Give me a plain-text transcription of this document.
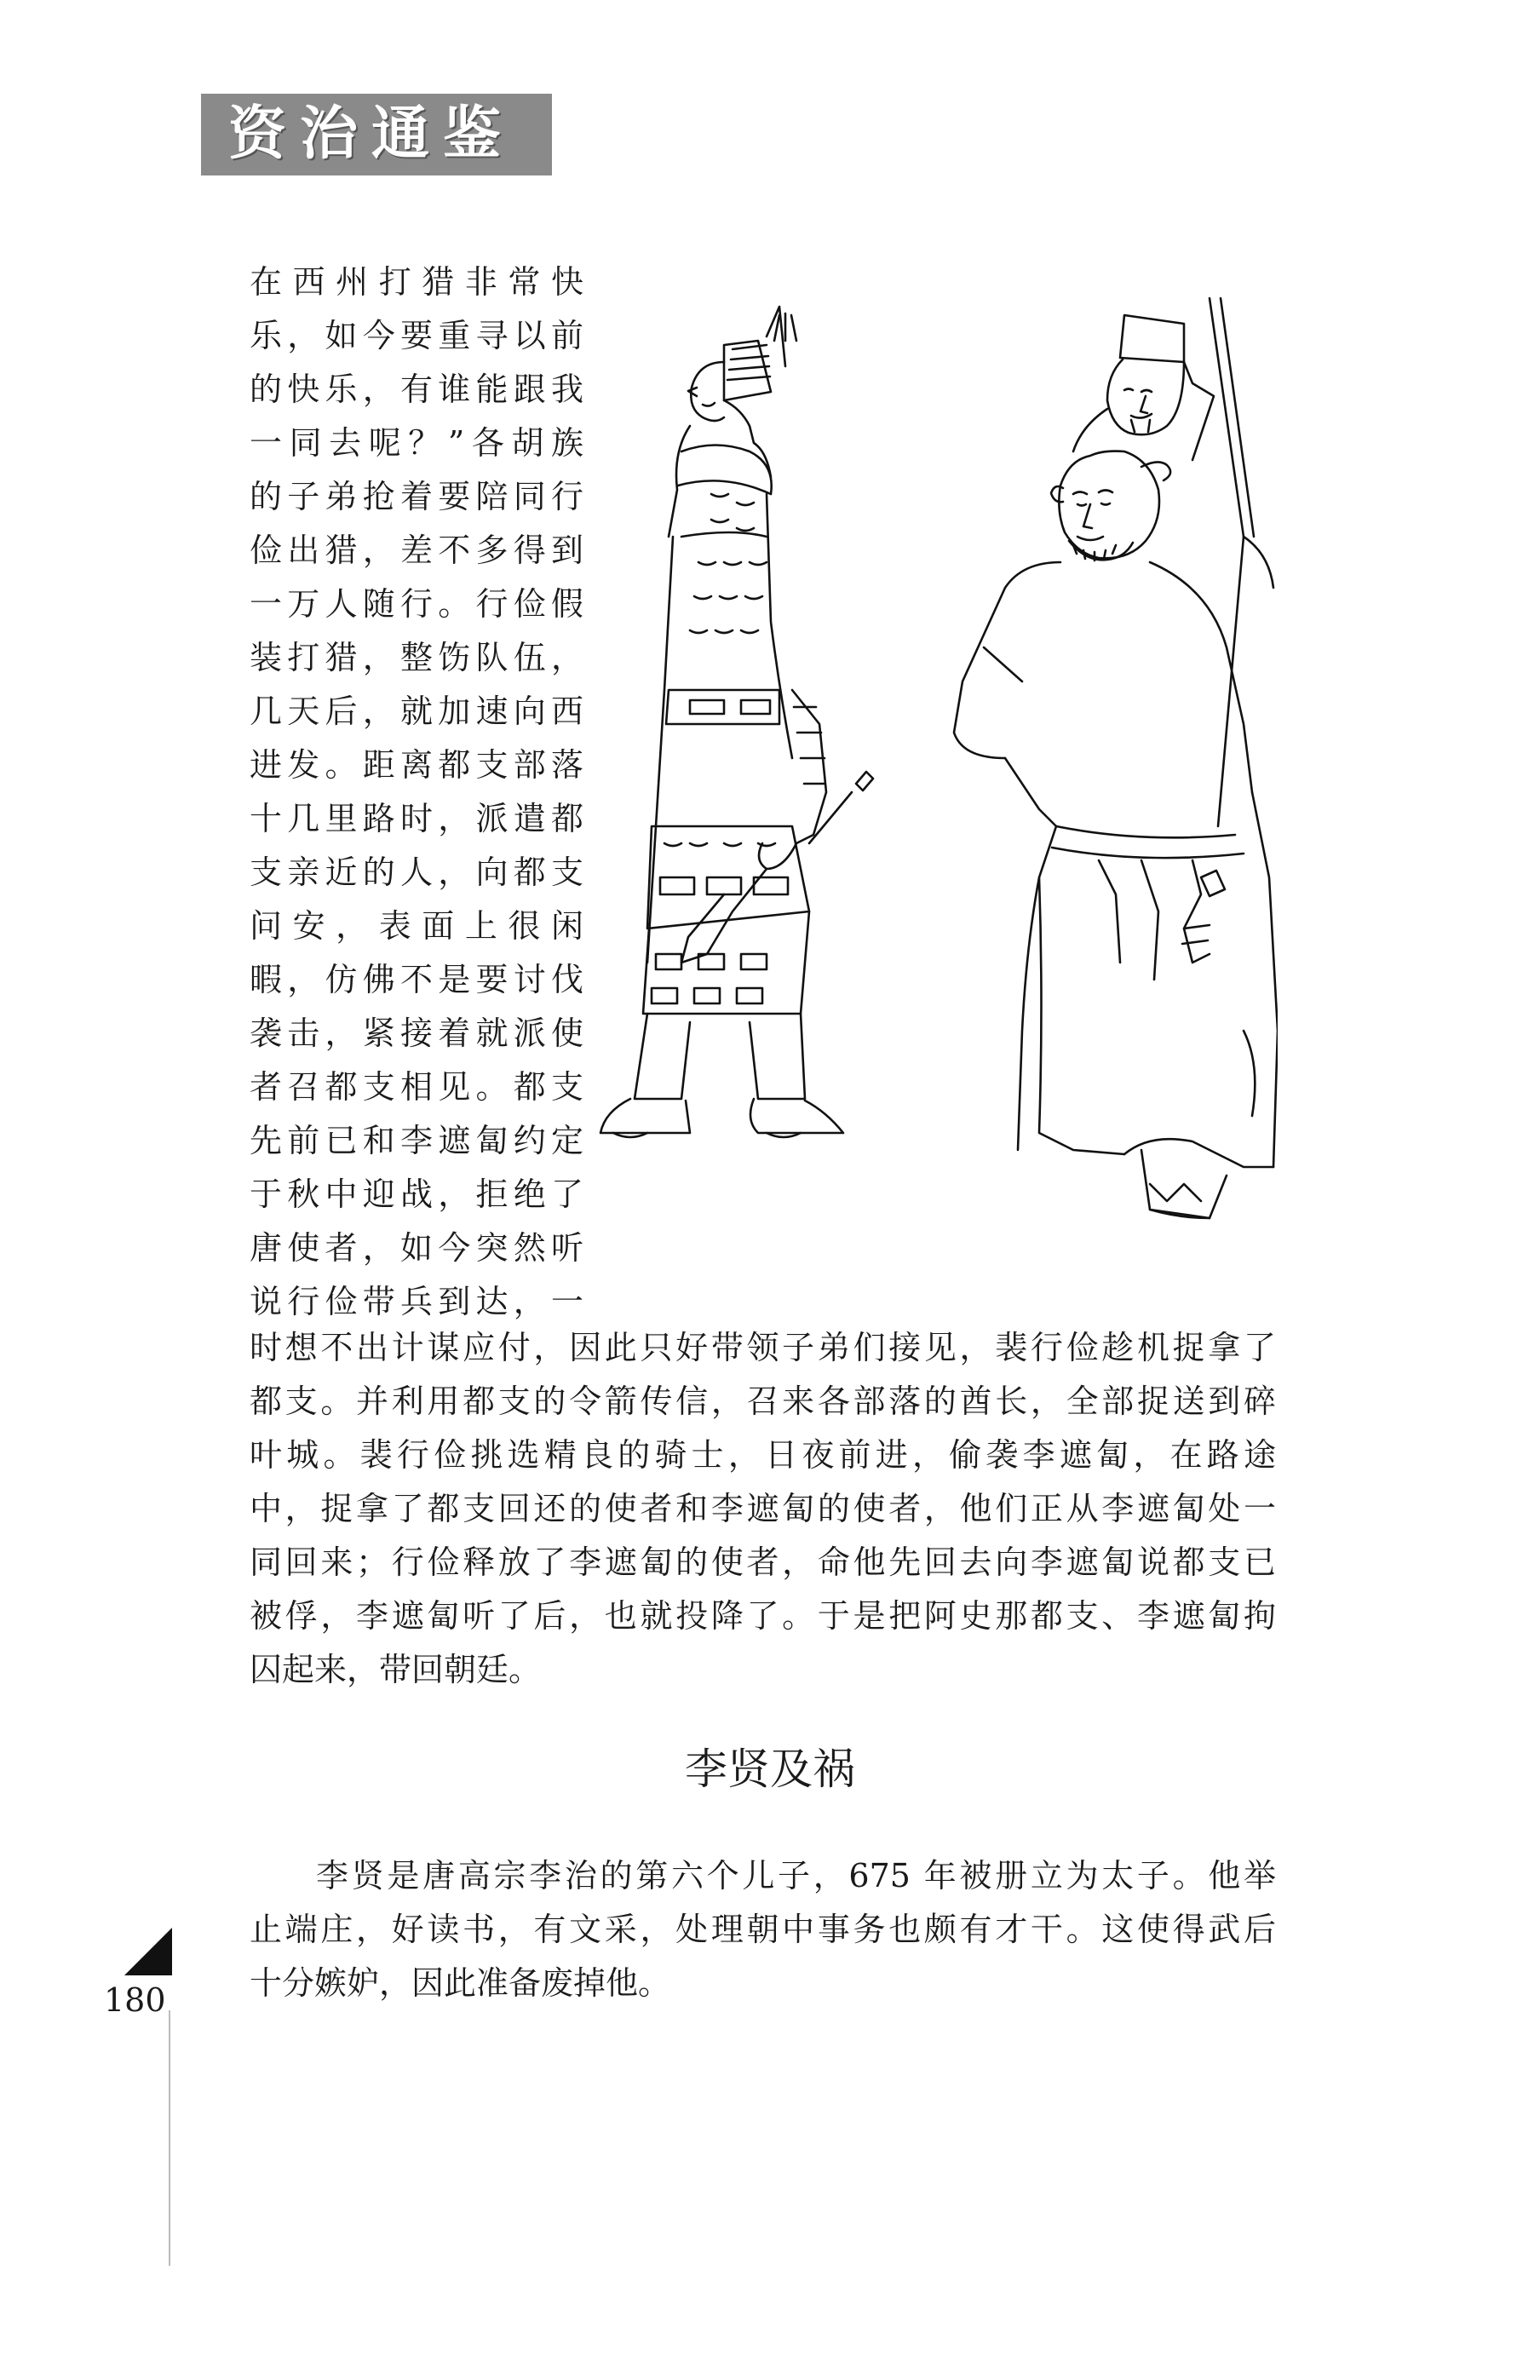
资治通鉴
在西州打猎非常快
乐，如今要重寻以前
的快乐，有谁能跟我
一同去呢？”各胡族
的子弟抢着要陪同行
俭出猎，差不多得到
一万人随行。行俭假
装打猎，整饬队伍，
几天后，就加速向西
进发。距离都支部落
十几里路时，派遣都
支亲近的人，向都支
问安，表面上很闲
暇，仿佛不是要讨伐
袭击，紧接着就派使
者召都支相见。都支
先前已和李遮匐约定
于秋中迎战，拒绝了
唐使者，如今突然听
说行俭带兵到达，一
时想不出计谋应付，因此只好带领子弟们接见，裴行俭趁机捉拿了
都支。并利用都支的令箭传信，召来各部落的酋长，全部捉送到碎
叶城。裴行俭挑选精良的骑士，日夜前进，偷袭李遮匐，在路途
中，捉拿了都支回还的使者和李遮匐的使者，他们正从李遮匐处一
同回来；行俭释放了李遮匐的使者，命他先回去向李遮匐说都支已
被俘，李遮匐听了后，也就投降了。于是把阿史那都支、李遮匐拘
囚起来，带回朝廷。
李贤及祸
李贤是唐高宗李治的第六个儿子，675 年被册立为太子。他举
止端庄，好读书，有文采，处理朝中事务也颇有才干。这使得武后
十分嫉妒，因此准备废掉他。
180
